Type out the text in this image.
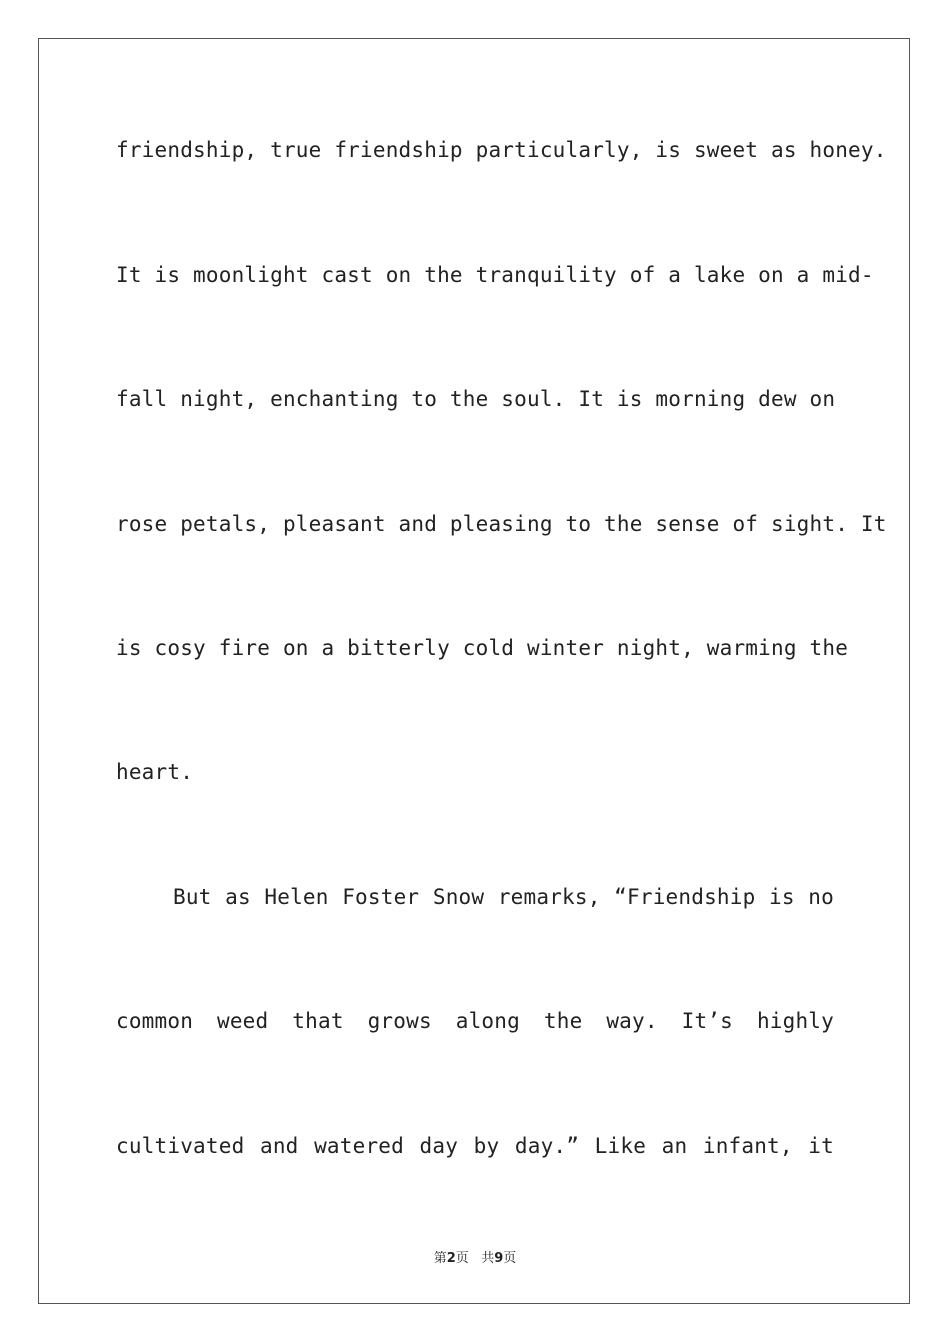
friendship, true friendship particularly, is sweet as honey.
It is moonlight cast on the tranquility of a lake on a mid-
fall night, enchanting to the soul. It is morning dew on
rose petals, pleasant and pleasing to the sense of sight. It
is cosy fire on a bitterly cold winter night, warming the
heart.
But as Helen Foster Snow remarks, “Friendship is no
common weed that grows along the way. It’s highly
cultivated and watered day by day.” Like an infant, it
第2页 共9页
